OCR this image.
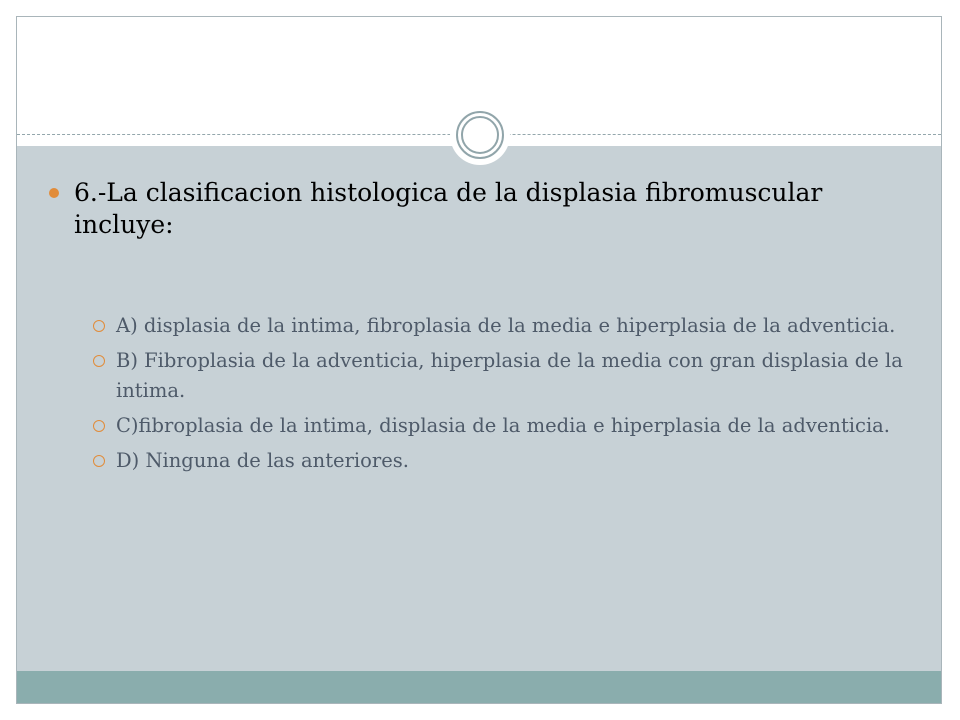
6.-La clasificacion histologica de la displasia fibromuscular incluye:
A) displasia de la intima, fibroplasia de la media e hiperplasia de la adventicia.
B) Fibroplasia de la adventicia, hiperplasia de la media con gran displasia de la intima.
C)fibroplasia de la intima, displasia de la media e hiperplasia de la adventicia.
D) Ninguna de las anteriores.
